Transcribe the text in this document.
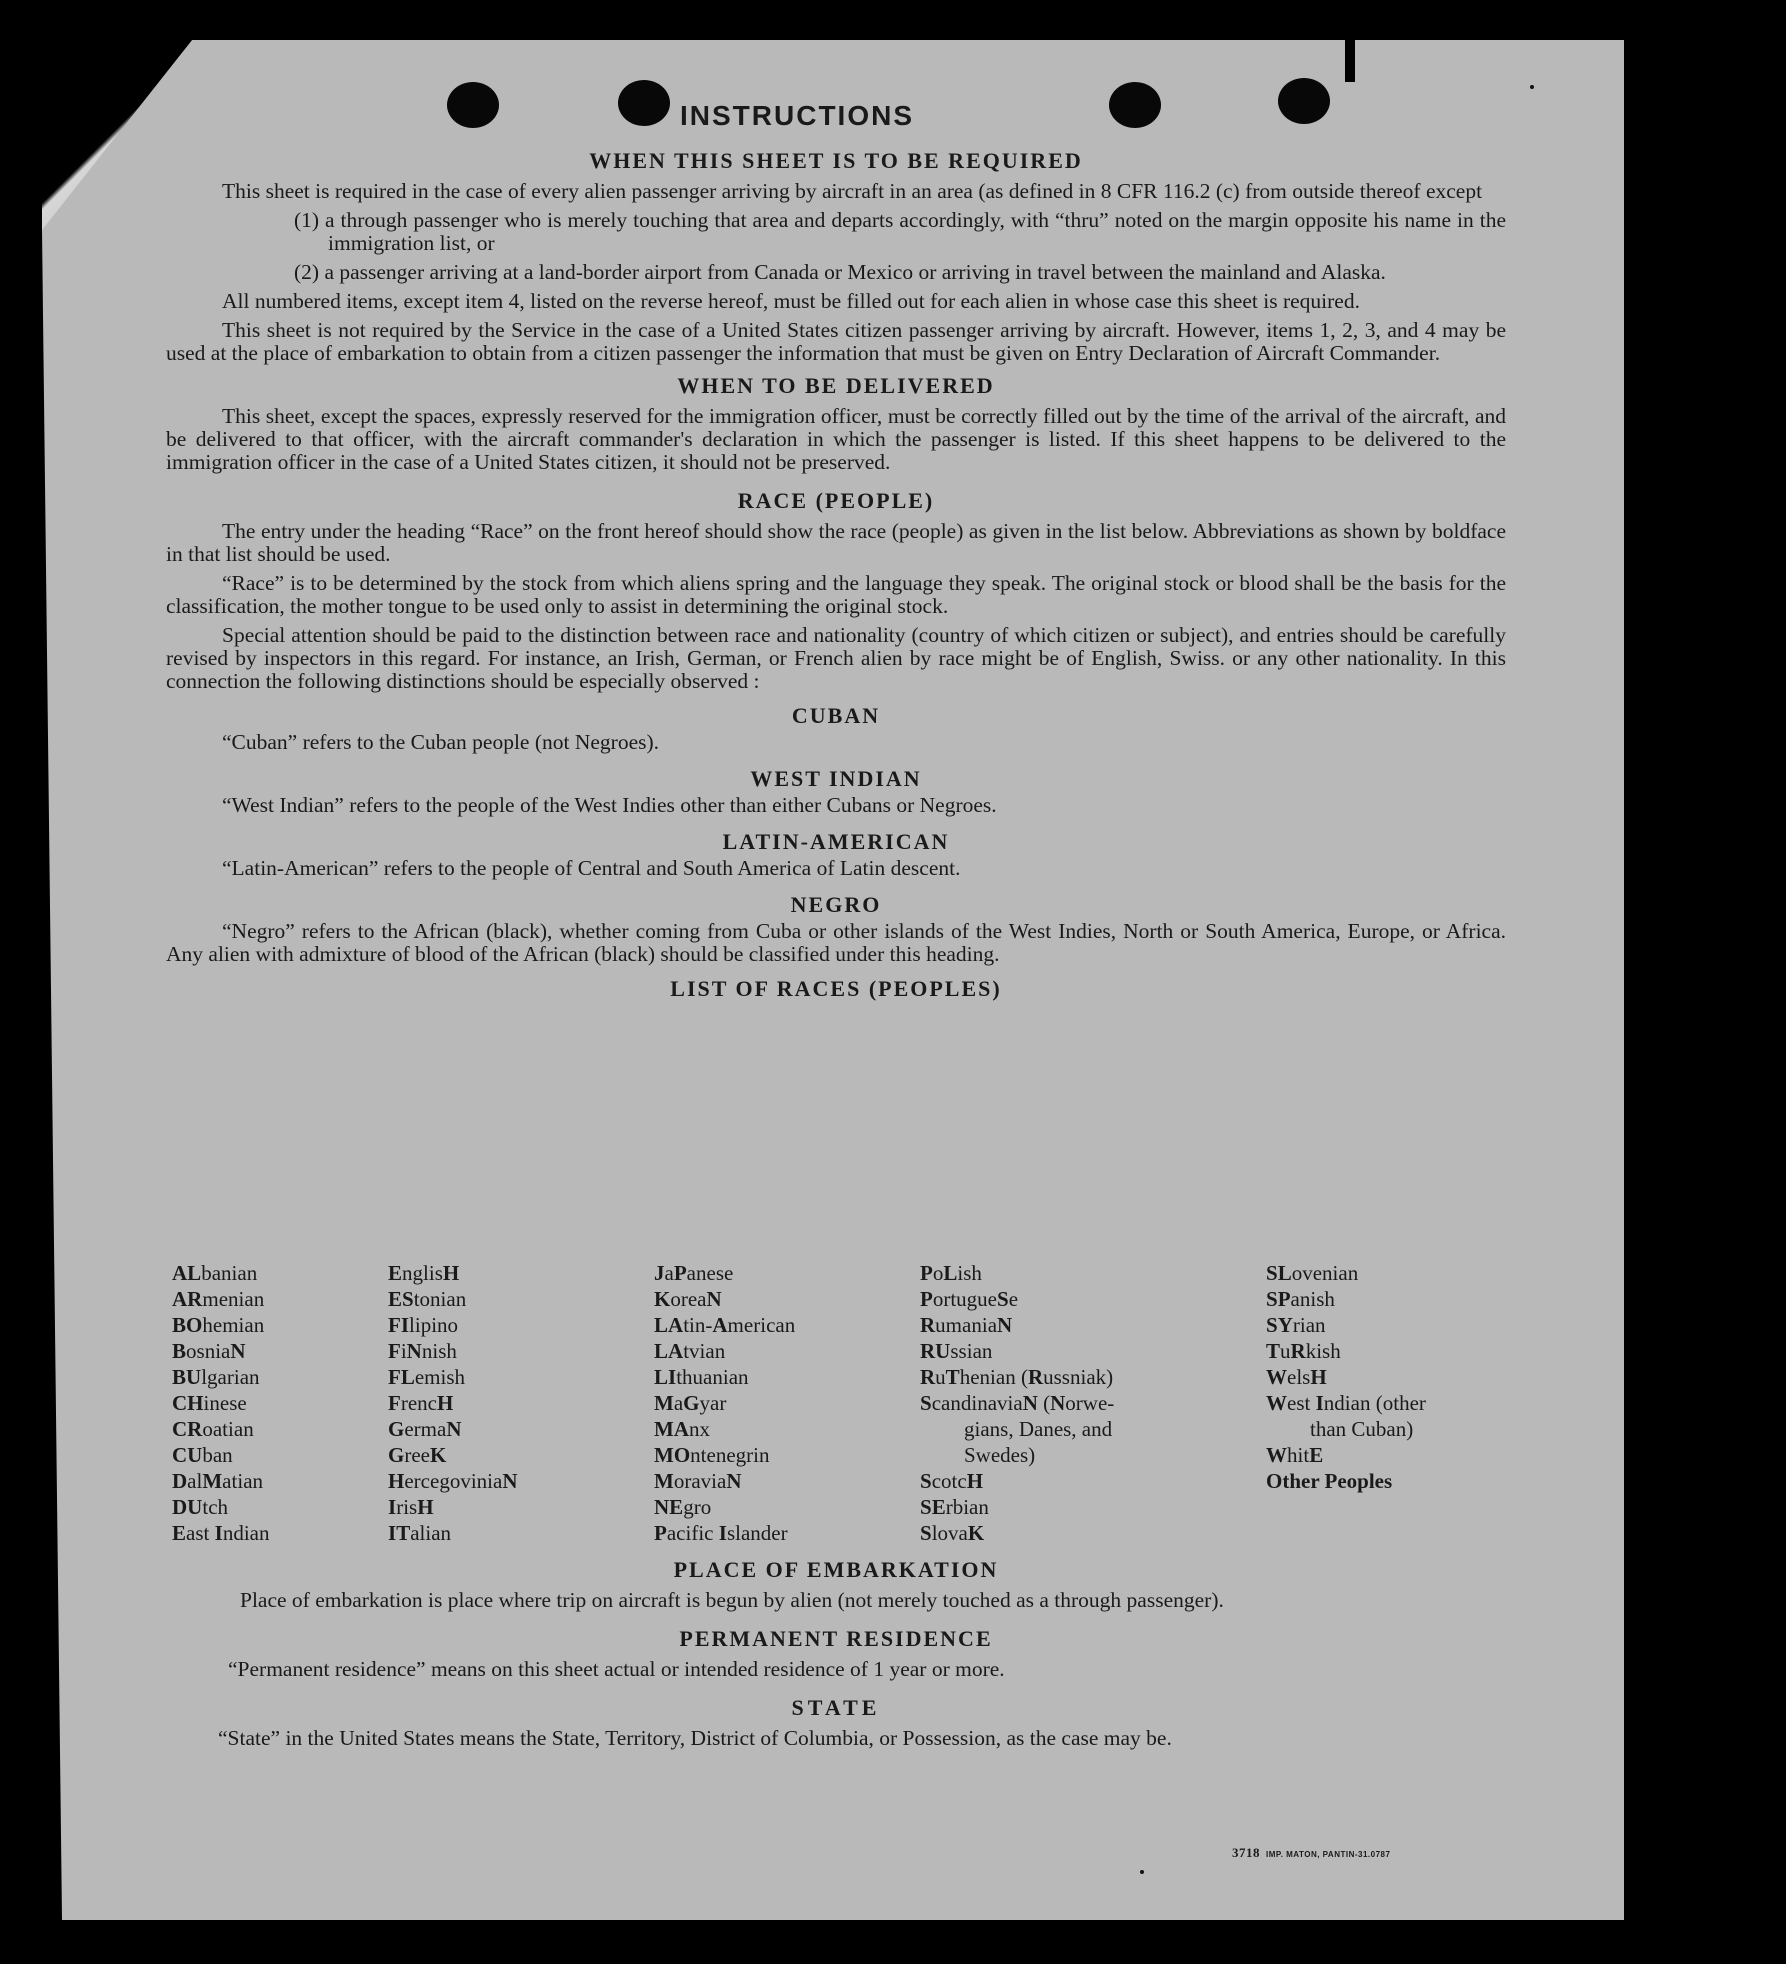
INSTRUCTIONS
WHEN THIS SHEET IS TO BE REQUIRED

This sheet is required in the case of every alien passenger arriving by aircraft in an area (as defined in 8 CFR 116.2 (c) from outside thereof except

(1) a through passenger who is merely touching that area and departs accordingly, with “thru” noted on the margin opposite his name in the immigration list, or

(2) a passenger arriving at a land-border airport from Canada or Mexico or arriving in travel between the mainland and Alaska.

All numbered items, except item 4, listed on the reverse hereof, must be filled out for each alien in whose case this sheet is required.

This sheet is not required by the Service in the case of a United States citizen passenger arriving by aircraft. However, items 1, 2, 3, and 4 may be used at the place of embarkation to obtain from a citizen passenger the information that must be given on Entry Declaration of Aircraft Commander.

WHEN TO BE DELIVERED

This sheet, except the spaces, expressly reserved for the immigration officer, must be correctly filled out by the time of the arrival of the aircraft, and be delivered to that officer, with the aircraft commander's declaration in which the passenger is listed. If this sheet happens to be delivered to the immigration officer in the case of a United States citizen, it should not be preserved.

RACE (PEOPLE)

The entry under the heading “Race” on the front hereof should show the race (people) as given in the list below. Abbreviations as shown by boldface in that list should be used.

“Race” is to be determined by the stock from which aliens spring and the language they speak. The original stock or blood shall be the basis for the classification, the mother tongue to be used only to assist in determining the original stock.

Special attention should be paid to the distinction between race and nationality (country of which citizen or subject), and entries should be carefully revised by inspectors in this regard. For instance, an Irish, German, or French alien by race might be of English, Swiss. or any other nationality. In this connection the following distinctions should be especially observed :

CUBAN

“Cuban” refers to the Cuban people (not Negroes).

WEST INDIAN

“West Indian” refers to the people of the West Indies other than either Cubans or Negroes.

LATIN-AMERICAN

“Latin-American” refers to the people of Central and South America of Latin descent.

NEGRO

“Negro” refers to the African (black), whether coming from Cuba or other islands of the West Indies, North or South America, Europe, or Africa. Any alien with admixture of blood of the African (black) should be classified under this heading.

LIST OF RACES (PEOPLES)
ALbanian
ARmenian
BOhemian
BosniaN
BUlgarian
CHinese
CRoatian
CUban
DalMatian
DUtch
East Indian
EnglisH
EStonian
FIlipino
FiNnish
FLemish
FrencH
GermaN
GreeK
HercegoviniaN
IrisH
ITalian
JaPanese
KoreaN
LAtin-American
LAtvian
LIthuanian
MaGyar
MAnx
MOntenegrin
MoraviaN
NEgro
Pacific Islander
PoLish
PortugueSe
RumaniaN
RUssian
RuThenian (Russniak)
ScandinaviaN (Norwe-
gians, Danes, and
Swedes)
ScotcH
SErbian
SlovaK
SLovenian
SPanish
SYrian
TuRkish
WelsH
West Indian (other
than Cuban)
WhitE
Other Peoples
PLACE OF EMBARKATION

Place of embarkation is place where trip on aircraft is begun by alien (not merely touched as a through passenger).

PERMANENT RESIDENCE

“Permanent residence” means on this sheet actual or intended residence of 1 year or more.

STATE

“State” in the United States means the State, Territory, District of Columbia, or Possession, as the case may be.

3718 IMP. MATON, PANTIN-31.0787
